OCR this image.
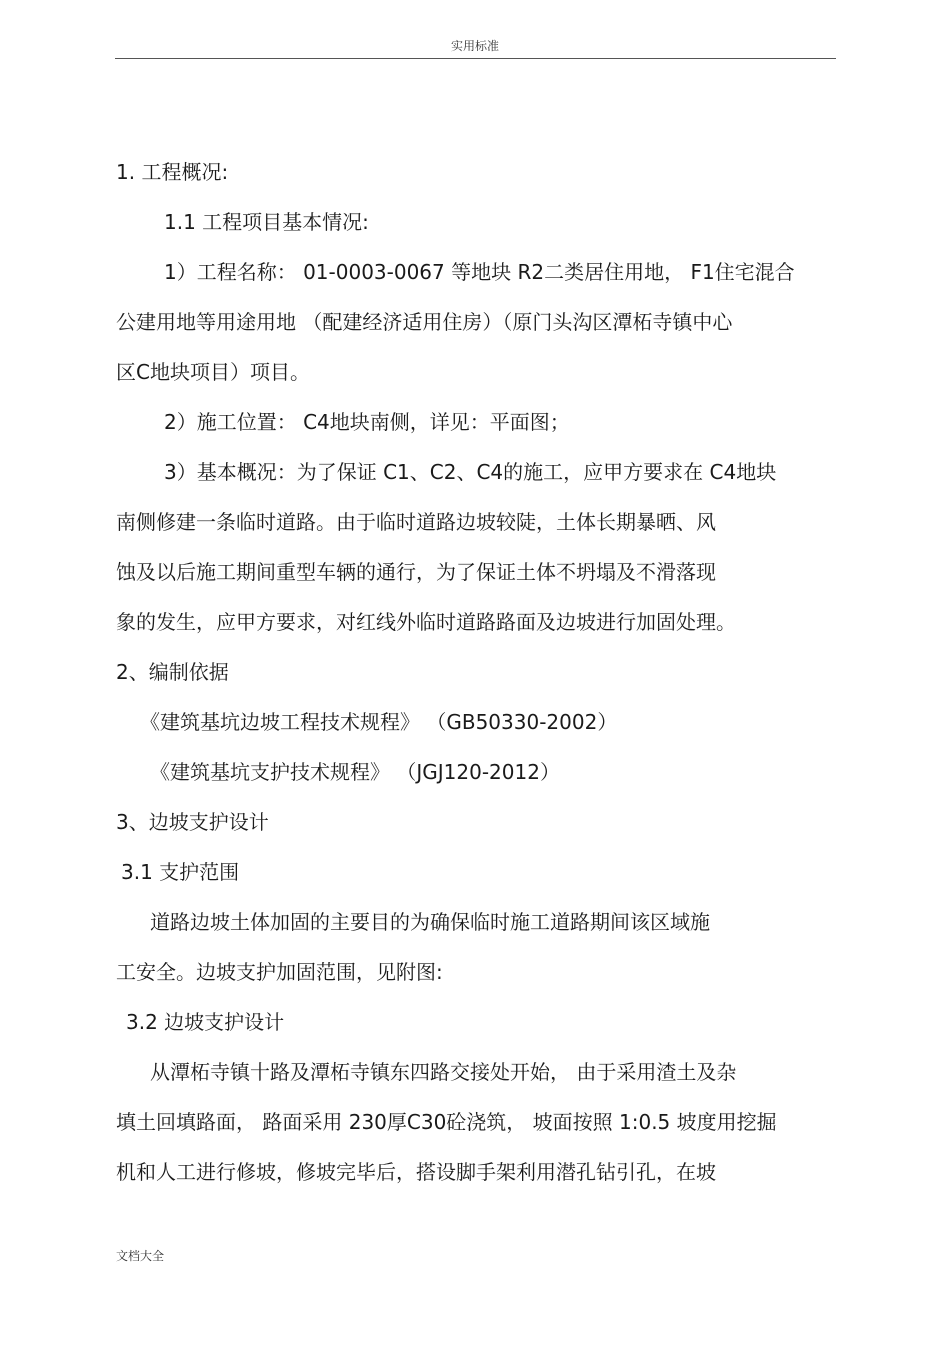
实用标准
1. 工程概况:
1.1 工程项目基本情况:
1）工程名称： 01-0003-0067 等地块 R2二类居住用地， F1住宅混合
公建用地等用途用地 （配建经济适用住房）（原门头沟区潭柘寺镇中心
区C地块项目）项目。
2）施工位置： C4地块南侧，详见：平面图；
3）基本概况：为了保证 C1、C2、C4的施工，应甲方要求在 C4地块
南侧修建一条临时道路。由于临时道路边坡较陡，土体长期暴晒、风
蚀及以后施工期间重型车辆的通行，为了保证土体不坍塌及不滑落现
象的发生，应甲方要求，对红线外临时道路路面及边坡进行加固处理。
2、编制依据
《建筑基坑边坡工程技术规程》 （GB50330-2002）
《建筑基坑支护技术规程》 （JGJ120-2012）
3、边坡支护设计
3.1 支护范围
道路边坡土体加固的主要目的为确保临时施工道路期间该区域施
工安全。边坡支护加固范围，见附图:
3.2 边坡支护设计
从潭柘寺镇十路及潭柘寺镇东四路交接处开始， 由于采用渣土及杂
填土回填路面， 路面采用 230厚C30砼浇筑， 坡面按照 1:0.5 坡度用挖掘
机和人工进行修坡，修坡完毕后，搭设脚手架利用潜孔钻引孔，在坡
文档大全
